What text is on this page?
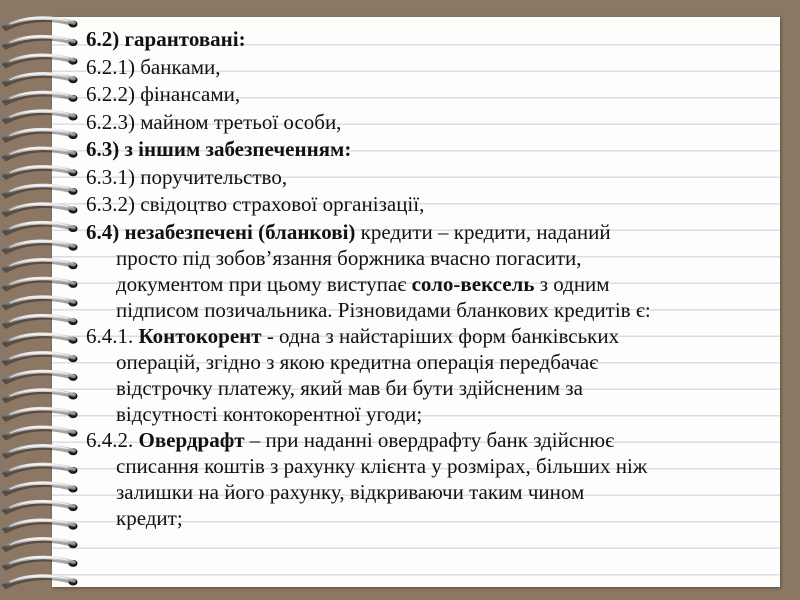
6.2) гарантовані:

6.2.1) банками,

6.2.2) фінансами,

6.2.3) майном третьої особи,

6.3) з іншим забезпеченням:

6.3.1) поручительство,

6.3.2) свідоцтво страхової організації,

6.4) незабезпечені (бланкові) кредити – кредити, наданий
просто під зобов’язання боржника вчасно погасити,
документом при цьому виступає соло-вексель з одним
підписом позичальника. Різновидами бланкових кредитів є:
6.4.1. Контокорент - одна з найстаріших форм банківських
операцій, згідно з якою кредитна операція передбачає
відстрочку платежу, який мав би бути здійсненим за
відсутності контокорентної угоди;
6.4.2. Овердрафт – при наданні овердрафту банк здійснює
списання коштів з рахунку клієнта у розмірах, більших ніж
залишки на його рахунку, відкриваючи таким чином
кредит;
